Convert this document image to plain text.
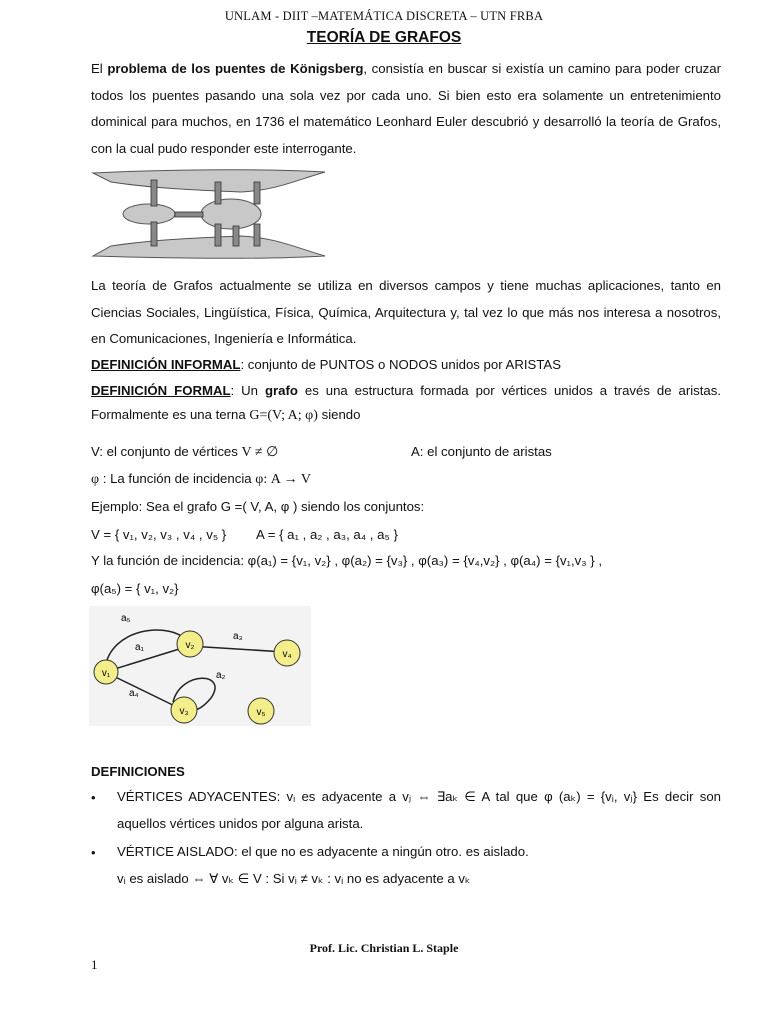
UNLAM - DIIT –MATEMÁTICA DISCRETA – UTN FRBA
TEORÍA DE GRAFOS
El problema de los puentes de Königsberg, consistía en buscar si existía un camino para poder cruzar todos los puentes pasando una sola vez por cada uno. Si bien esto era solamente un entretenimiento dominical para muchos, en 1736 el matemático Leonhard Euler descubrió y desarrolló la teoría de Grafos, con la cual pudo responder este interrogante.
La teoría de Grafos actualmente se utiliza en diversos campos y tiene muchas aplicaciones, tanto en Ciencias Sociales, Lingüística, Física, Química, Arquitectura y, tal vez lo que más nos interesa a nosotros, en Comunicaciones, Ingeniería e Informática.
DEFINICIÓN INFORMAL: conjunto de PUNTOS o NODOS unidos por ARISTAS
DEFINICIÓN FORMAL: Un grafo es una estructura formada por vértices unidos a través de aristas.
Formalmente es una terna G=(V; A; φ) siendo
V: el conjunto de vértices V ≠ ∅	A: el conjunto de aristas
φ : La función de incidencia φ: A → V
Ejemplo: Sea el grafo G =( V, A, φ ) siendo los conjuntos:
V = { v₁, v₂, v₃ , v₄ , v₅ } A = { a₁ , a₂ , a₃, a₄ , a₅ }
Y la función de incidencia: φ(a₁) = {v₁, v₂} , φ(a₂) = {v₃} , φ(a₃) = {v₄,v₂} , φ(a₄) = {v₁,v₃ } ,
φ(a₅) = { v₁, v₂}
v₁
v₂
v₃
v₄
v₅
a₁
a₂
a₃
a₄
a₅
DEFINICIONES
• VÉRTICES ADYACENTES: vᵢ es adyacente a vⱼ ⇔ ∃aₖ ∈ A tal que φ (aₖ) = {vᵢ, vⱼ} Es decir son
aquellos vértices unidos por alguna arista.
• VÉRTICE AISLADO: el que no es adyacente a ningún otro. es aislado.
vᵢ es aislado ⇔ ∀ vₖ ∈ V : Si vᵢ ≠ vₖ : vᵢ no es adyacente a vₖ
Prof. Lic. Christian L. Staple
1
